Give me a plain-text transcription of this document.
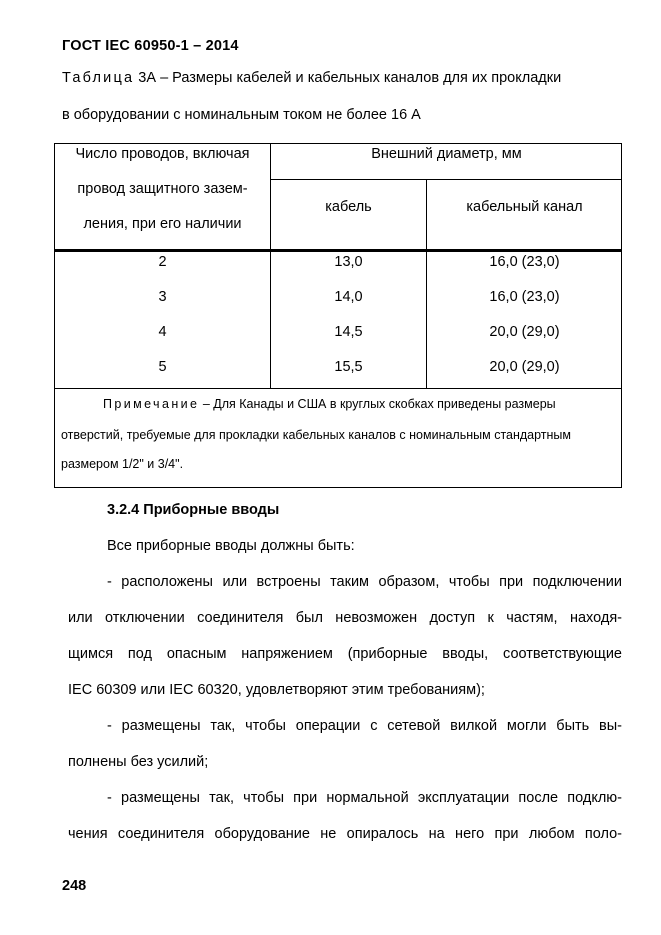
ГОСТ IEC 60950-1 – 2014
Таблица 3А – Размеры кабелей и кабельных каналов для их прокладки
в оборудовании с номинальным током не более 16 А
Число проводов, включая
провод защитного зазем-
ления, при его наличии
Внешний диаметр, мм
кабель	кабельный канал
2	13,0	16,0 (23,0)
3	14,0	16,0 (23,0)
4	14,5	20,0 (29,0)
5	15,5	20,0 (29,0)
Примечание – Для Канады и США в круглых скобках приведены размеры
отверстий, требуемые для прокладки кабельных каналов с номинальным стандартным
размером 1/2" и 3/4".
3.2.4 Приборные вводы
Все приборные вводы должны быть:
- расположены или встроены таким образом, чтобы при подключении
или отключении соединителя был невозможен доступ к частям, находя-
щимся под опасным напряжением (приборные вводы, соответствующие
IEC 60309 или IEC 60320, удовлетворяют этим требованиям);
- размещены так, чтобы операции с сетевой вилкой могли быть вы-
полнены без усилий;
- размещены так, чтобы при нормальной эксплуатации после подклю-
чения соединителя оборудование не опиралось на него при любом поло-
248
